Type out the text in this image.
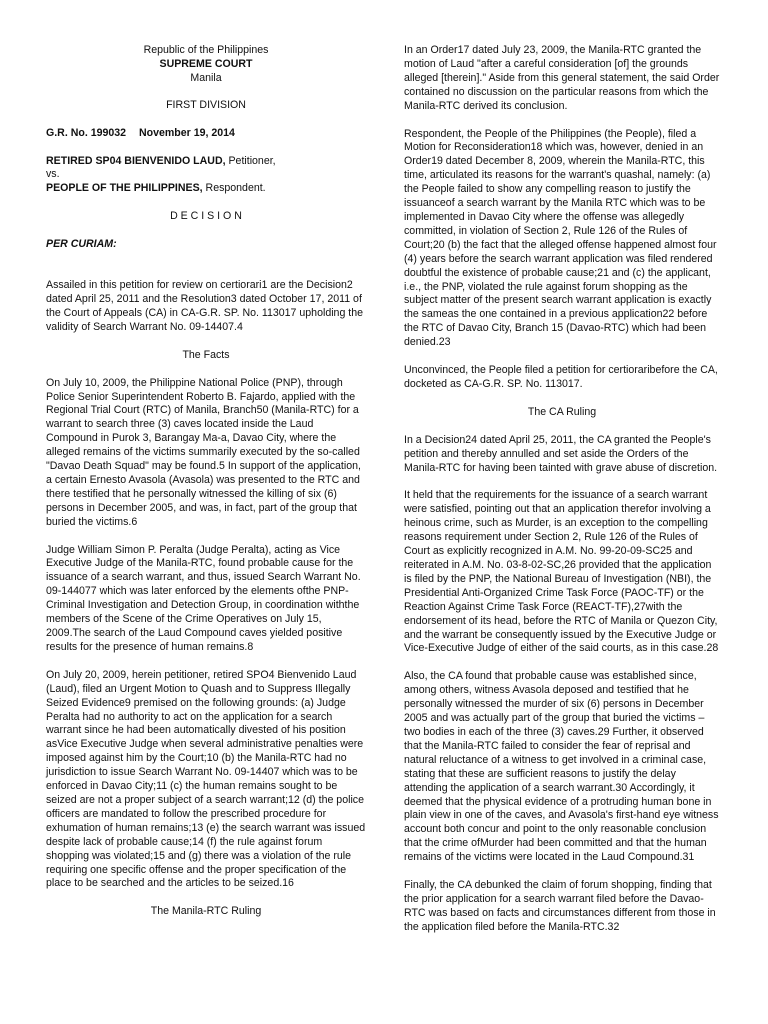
Republic of the Philippines
SUPREME COURT
Manila
FIRST DIVISION
G.R. No. 199032 November 19, 2014
RETIRED SP04 BIENVENIDO LAUD, Petitioner,
vs.
PEOPLE OF THE PHILIPPINES, Respondent.
D E C I S I O N
PER CURIAM:

Assailed in this petition for review on certiorari1 are the Decision2 dated April 25, 2011 and the Resolution3 dated October 17, 2011 of the Court of Appeals (CA) in CA-G.R. SP. No. 113017 upholding the validity of Search Warrant No. 09-14407.4

The Facts

On July 10, 2009, the Philippine National Police (PNP), through Police Senior Superintendent Roberto B. Fajardo, applied with the Regional Trial Court (RTC) of Manila, Branch50 (Manila-RTC) for a warrant to search three (3) caves located inside the Laud Compound in Purok 3, Barangay Ma-a, Davao City, where the alleged remains of the victims summarily executed by the so-called "Davao Death Squad" may be found.5 In support of the application, a certain Ernesto Avasola (Avasola) was presented to the RTC and there testified that he personally witnessed the killing of six (6) persons in December 2005, and was, in fact, part of the group that buried the victims.6

Judge William Simon P. Peralta (Judge Peralta), acting as Vice Executive Judge of the Manila-RTC, found probable cause for the issuance of a search warrant, and thus, issued Search Warrant No. 09-144077 which was later enforced by the elements ofthe PNP-Criminal Investigation and Detection Group, in coordination withthe members of the Scene of the Crime Operatives on July 15, 2009.The search of the Laud Compound caves yielded positive results for the presence of human remains.8

On July 20, 2009, herein petitioner, retired SPO4 Bienvenido Laud (Laud), filed an Urgent Motion to Quash and to Suppress Illegally Seized Evidence9 premised on the following grounds: (a) Judge Peralta had no authority to act on the application for a search warrant since he had been automatically divested of his position asVice Executive Judge when several administrative penalties were imposed against him by the Court;10 (b) the Manila-RTC had no jurisdiction to issue Search Warrant No. 09-14407 which was to be enforced in Davao City;11 (c) the human remains sought to be seized are not a proper subject of a search warrant;12 (d) the police officers are mandated to follow the prescribed procedure for exhumation of human remains;13 (e) the search warrant was issued despite lack of probable cause;14 (f) the rule against forum shopping was violated;15 and (g) there was a violation of the rule requiring one specific offense and the proper specification of the place to be searched and the articles to be seized.16

The Manila-RTC Ruling

In an Order17 dated July 23, 2009, the Manila-RTC granted the motion of Laud "after a careful consideration [of] the grounds alleged [therein]." Aside from this general statement, the said Order contained no discussion on the particular reasons from which the Manila-RTC derived its conclusion.

Respondent, the People of the Philippines (the People), filed a Motion for Reconsideration18 which was, however, denied in an Order19 dated December 8, 2009, wherein the Manila-RTC, this time, articulated its reasons for the warrant's quashal, namely: (a) the People failed to show any compelling reason to justify the issuanceof a search warrant by the Manila RTC which was to be implemented in Davao City where the offense was allegedly committed, in violation of Section 2, Rule 126 of the Rules of Court;20 (b) the fact that the alleged offense happened almost four (4) years before the search warrant application was filed rendered doubtful the existence of probable cause;21 and (c) the applicant, i.e., the PNP, violated the rule against forum shopping as the subject matter of the present search warrant application is exactly the sameas the one contained in a previous application22 before the RTC of Davao City, Branch 15 (Davao-RTC) which had been denied.23

Unconvinced, the People filed a petition for certioraribefore the CA, docketed as CA-G.R. SP. No. 113017.

The CA Ruling

In a Decision24 dated April 25, 2011, the CA granted the People's petition and thereby annulled and set aside the Orders of the Manila-RTC for having been tainted with grave abuse of discretion.

It held that the requirements for the issuance of a search warrant were satisfied, pointing out that an application therefor involving a heinous crime, such as Murder, is an exception to the compelling reasons requirement under Section 2, Rule 126 of the Rules of Court as explicitly recognized in A.M. No. 99-20-09-SC25 and reiterated in A.M. No. 03-8-02-SC,26 provided that the application is filed by the PNP, the National Bureau of Investigation (NBI), the Presidential Anti-Organized Crime Task Force (PAOC-TF) or the Reaction Against Crime Task Force (REACT-TF),27with the endorsement of its head, before the RTC of Manila or Quezon City, and the warrant be consequently issued by the Executive Judge or Vice-Executive Judge of either of the said courts, as in this case.28

Also, the CA found that probable cause was established since, among others, witness Avasola deposed and testified that he personally witnessed the murder of six (6) persons in December 2005 and was actually part of the group that buried the victims – two bodies in each of the three (3) caves.29 Further, it observed that the Manila-RTC failed to consider the fear of reprisal and natural reluctance of a witness to get involved in a criminal case, stating that these are sufficient reasons to justify the delay attending the application of a search warrant.30 Accordingly, it deemed that the physical evidence of a protruding human bone in plain view in one of the caves, and Avasola's first-hand eye witness account both concur and point to the only reasonable conclusion that the crime ofMurder had been committed and that the human remains of the victims were located in the Laud Compound.31

Finally, the CA debunked the claim of forum shopping, finding that the prior application for a search warrant filed before the Davao-RTC was based on facts and circumstances different from those in the application filed before the Manila-RTC.32
